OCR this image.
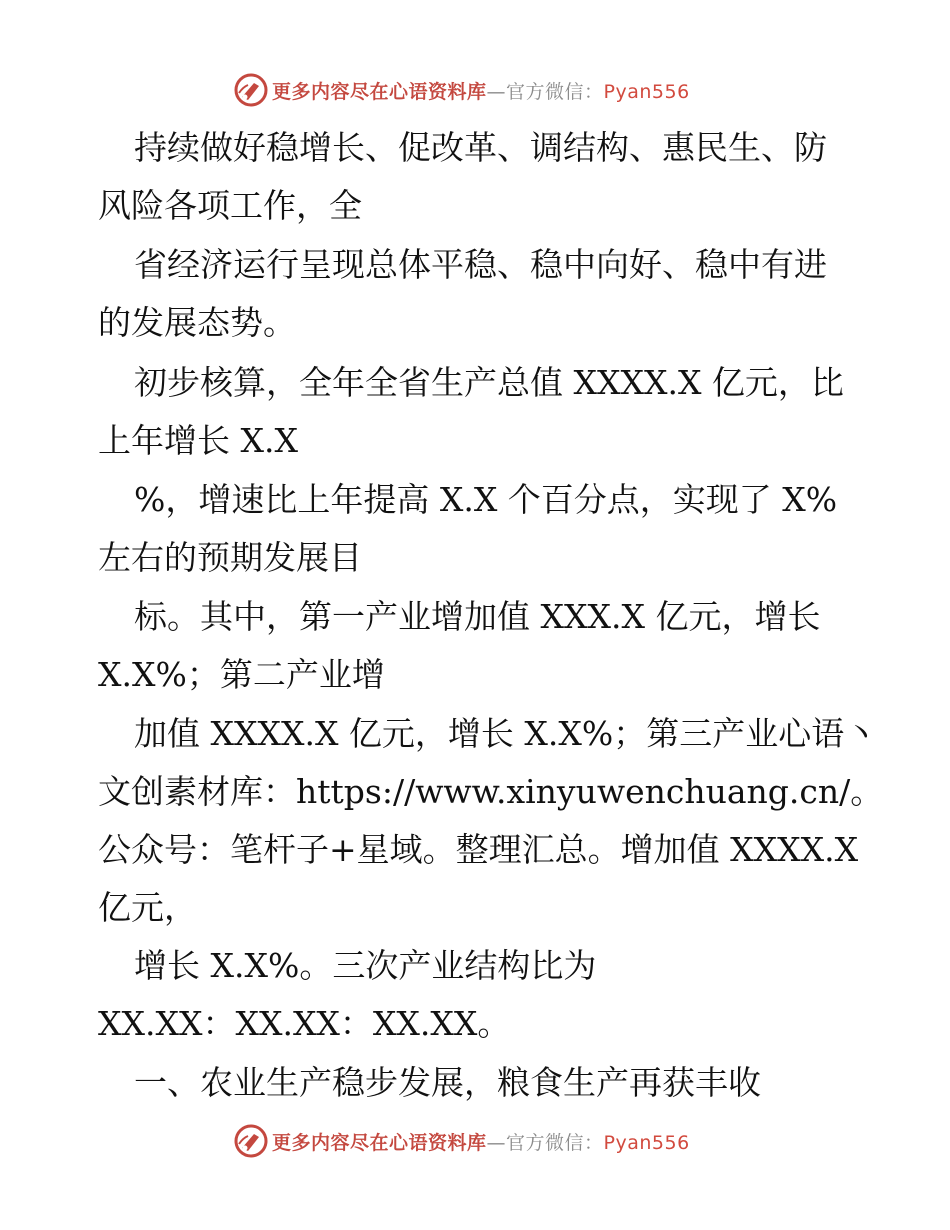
更多内容尽在心语资料库—官方微信：Pyan556
持续做好稳增长、促改革、调结构、惠民生、防
风险各项工作，全
省经济运行呈现总体平稳、稳中向好、稳中有进
的发展态势。
初步核算，全年全省生产总值 XXXX.X 亿元，比
上年增长 X.X
%，增速比上年提高 X.X 个百分点，实现了 X%
左右的预期发展目
标。其中，第一产业增加值 XXX.X 亿元，增长
X.X%；第二产业增
加值 XXXX.X 亿元，增长 X.X%；第三产业心语丶
文创素材库：https://www.xinyuwenchuang.cn/。
公众号：笔杆子+星域。整理汇总。增加值 XXXX.X
亿元，
增长 X.X%。三次产业结构比为
XX.XX：XX.XX：XX.XX。
一、农业生产稳步发展，粮食生产再获丰收
更多内容尽在心语资料库—官方微信：Pyan556
